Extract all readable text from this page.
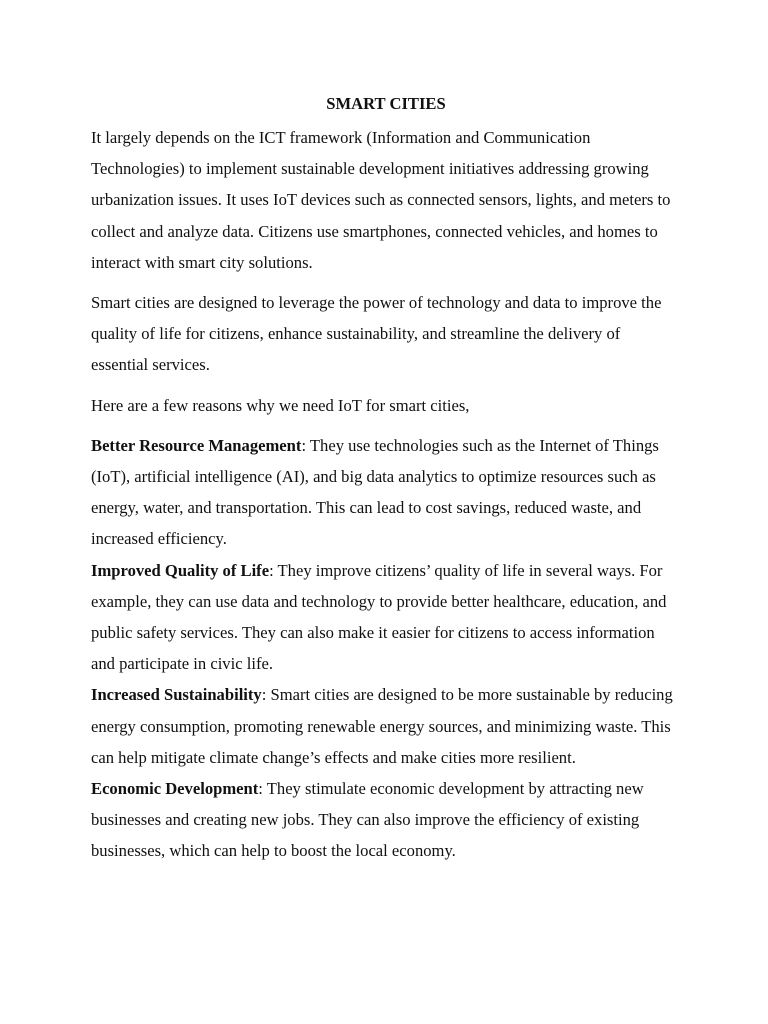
SMART CITIES

It largely depends on the ICT framework (Information and Communication Technologies) to implement sustainable development initiatives addressing growing urbanization issues. It uses IoT devices such as connected sensors, lights, and meters to collect and analyze data. Citizens use smartphones, connected vehicles, and homes to interact with smart city solutions.

Smart cities are designed to leverage the power of technology and data to improve the quality of life for citizens, enhance sustainability, and streamline the delivery of essential services.

Here are a few reasons why we need IoT for smart cities,

Better Resource Management: They use technologies such as the Internet of Things (IoT), artificial intelligence (AI), and big data analytics to optimize resources such as energy, water, and transportation. This can lead to cost savings, reduced waste, and increased efficiency.

Improved Quality of Life: They improve citizens’ quality of life in several ways. For example, they can use data and technology to provide better healthcare, education, and public safety services. They can also make it easier for citizens to access information and participate in civic life.

Increased Sustainability: Smart cities are designed to be more sustainable by reducing energy consumption, promoting renewable energy sources, and minimizing waste. This can help mitigate climate change’s effects and make cities more resilient.

Economic Development: They stimulate economic development by attracting new businesses and creating new jobs. They can also improve the efficiency of existing businesses, which can help to boost the local economy.
